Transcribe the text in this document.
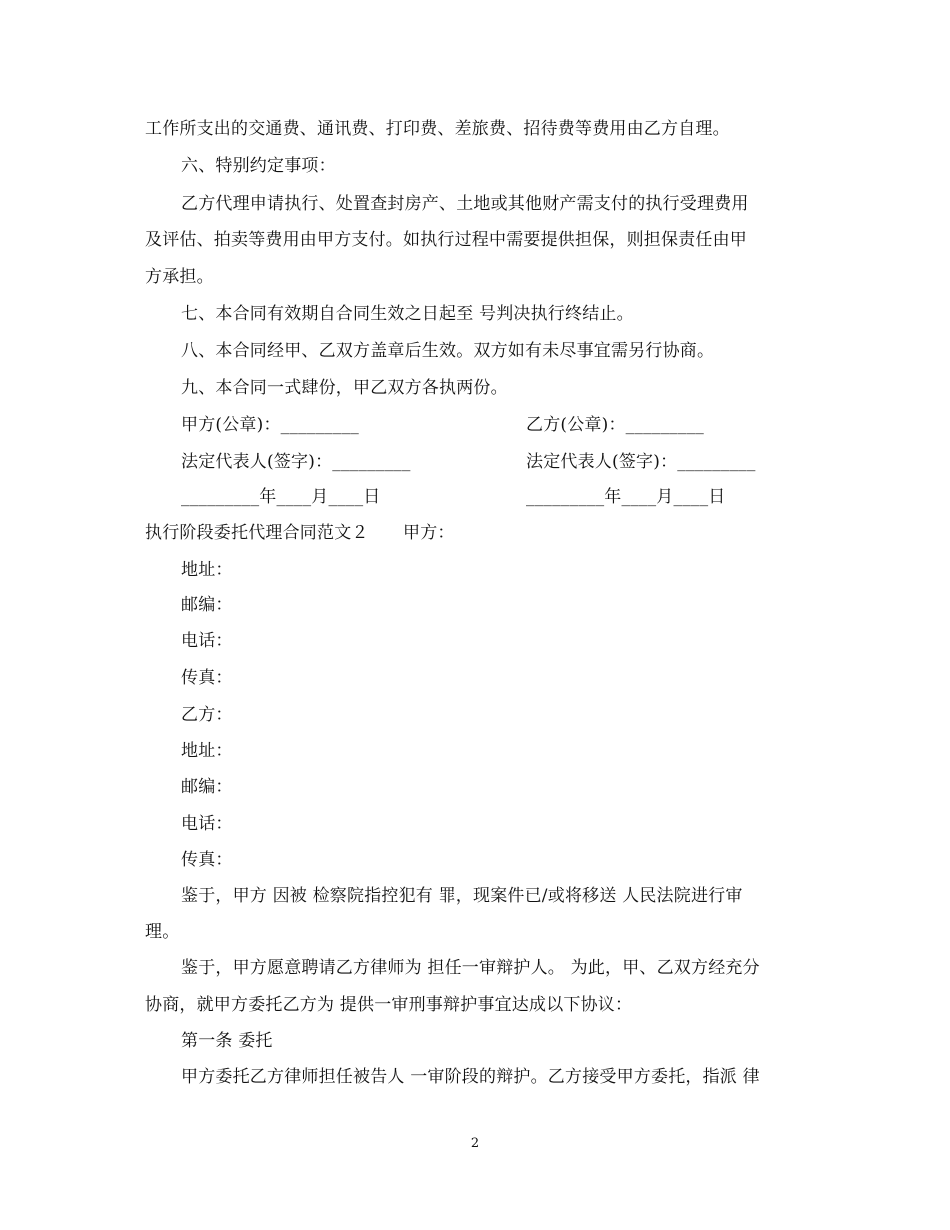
工作所支出的交通费、通讯费、打印费、差旅费、招待费等费用由乙方自理。
六、特别约定事项：
乙方代理申请执行、处置查封房产、土地或其他财产需支付的执行受理费用
及评估、拍卖等费用由甲方支付。如执行过程中需要提供担保，则担保责任由甲
方承担。
七、本合同有效期自合同生效之日起至 号判决执行终结止。
八、本合同经甲、乙双方盖章后生效。双方如有未尽事宜需另行协商。
九、本合同一式肆份，甲乙双方各执两份。
甲方(公章)：_________	乙方(公章)：_________
法定代表人(签字)：_________	法定代表人(签字)：_________
_________年____月____日	_________年____月____日
执行阶段委托代理合同范文２　　甲方：
地址：
邮编：
电话：
传真：
乙方：
地址：
邮编：
电话：
传真：
鉴于，甲方 因被 检察院指控犯有 罪，现案件已/或将移送 人民法院进行审
理。
鉴于，甲方愿意聘请乙方律师为 担任一审辩护人。 为此，甲、乙双方经充分
协商，就甲方委托乙方为 提供一审刑事辩护事宜达成以下协议：
第一条 委托
甲方委托乙方律师担任被告人 一审阶段的辩护。乙方接受甲方委托，指派 律
2
